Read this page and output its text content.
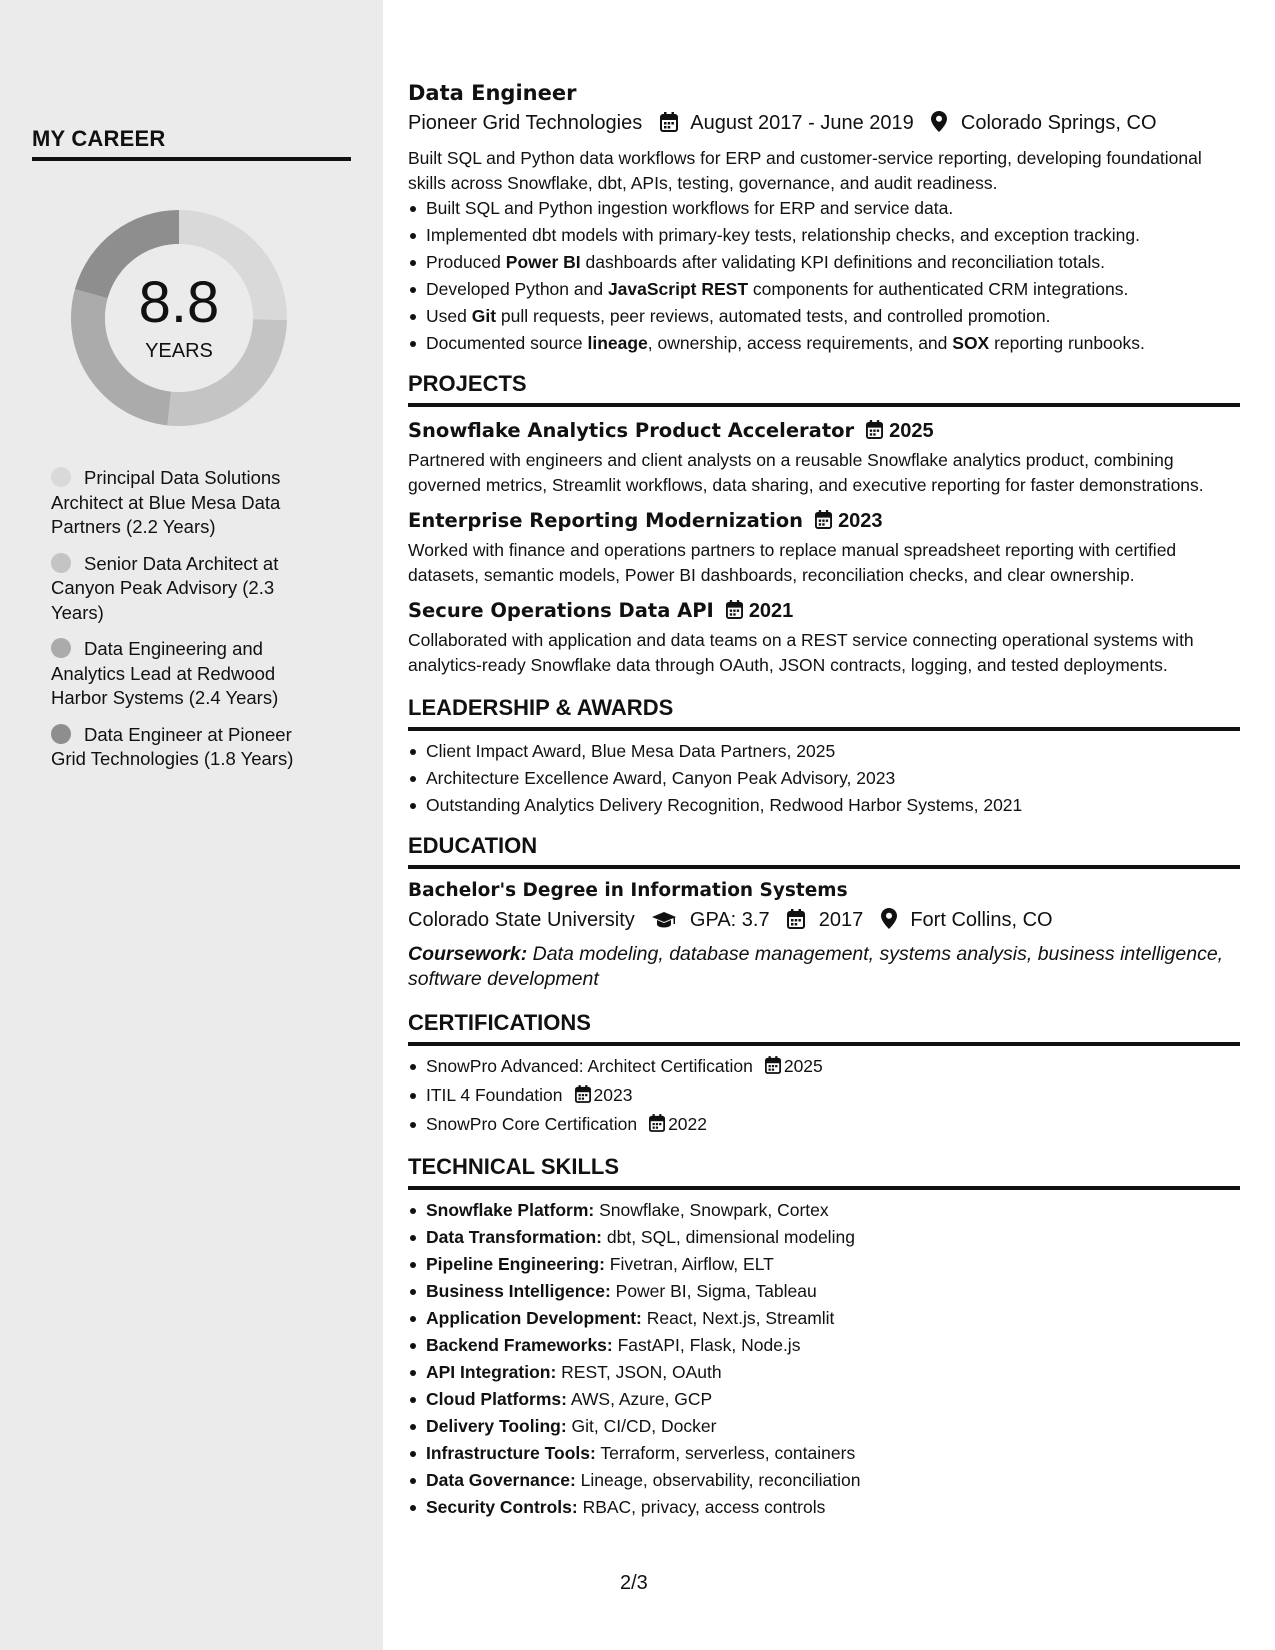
MY CAREER
8.8
YEARS
Principal Data Solutions Architect at Blue Mesa Data Partners (2.2 Years)
Senior Data Architect at Canyon Peak Advisory (2.3 Years)
Data Engineering and Analytics Lead at Redwood Harbor Systems (2.4 Years)
Data Engineer at Pioneer Grid Technologies (1.8 Years)
Data Engineer
Pioneer Grid Technologies August 2017 - June 2019 Colorado Springs, CO
Built SQL and Python data workflows for ERP and customer-service reporting, developing foundational skills across Snowflake, dbt, APIs, testing, governance, and audit readiness.
Built SQL and Python ingestion workflows for ERP and service data.
Implemented dbt models with primary-key tests, relationship checks, and exception tracking.
Produced Power BI dashboards after validating KPI definitions and reconciliation totals.
Developed Python and JavaScript REST components for authenticated CRM integrations.
Used Git pull requests, peer reviews, automated tests, and controlled promotion.
Documented source lineage, ownership, access requirements, and SOX reporting runbooks.
PROJECTS
Snowflake Analytics Product Accelerator 2025
Partnered with engineers and client analysts on a reusable Snowflake analytics product, combining governed metrics, Streamlit workflows, data sharing, and executive reporting for faster demonstrations.
Enterprise Reporting Modernization 2023
Worked with finance and operations partners to replace manual spreadsheet reporting with certified datasets, semantic models, Power BI dashboards, reconciliation checks, and clear ownership.
Secure Operations Data API 2021
Collaborated with application and data teams on a REST service connecting operational systems with analytics-ready Snowflake data through OAuth, JSON contracts, logging, and tested deployments.
LEADERSHIP & AWARDS
Client Impact Award, Blue Mesa Data Partners, 2025
Architecture Excellence Award, Canyon Peak Advisory, 2023
Outstanding Analytics Delivery Recognition, Redwood Harbor Systems, 2021
EDUCATION
Bachelor's Degree in Information Systems
Colorado State University	GPA: 3.7 2017 Fort Collins, CO
Coursework: Data modeling, database management, systems analysis, business intelligence, software development
CERTIFICATIONS
SnowPro Advanced: Architect Certification 2025
ITIL 4 Foundation 2023
SnowPro Core Certification 2022
TECHNICAL SKILLS
Snowflake Platform: Snowflake, Snowpark, Cortex
Data Transformation: dbt, SQL, dimensional modeling
Pipeline Engineering: Fivetran, Airflow, ELT
Business Intelligence: Power BI, Sigma, Tableau
Application Development: React, Next.js, Streamlit
Backend Frameworks: FastAPI, Flask, Node.js
API Integration: REST, JSON, OAuth
Cloud Platforms: AWS, Azure, GCP
Delivery Tooling: Git, CI/CD, Docker
Infrastructure Tools: Terraform, serverless, containers
Data Governance: Lineage, observability, reconciliation
Security Controls: RBAC, privacy, access controls
2/3
